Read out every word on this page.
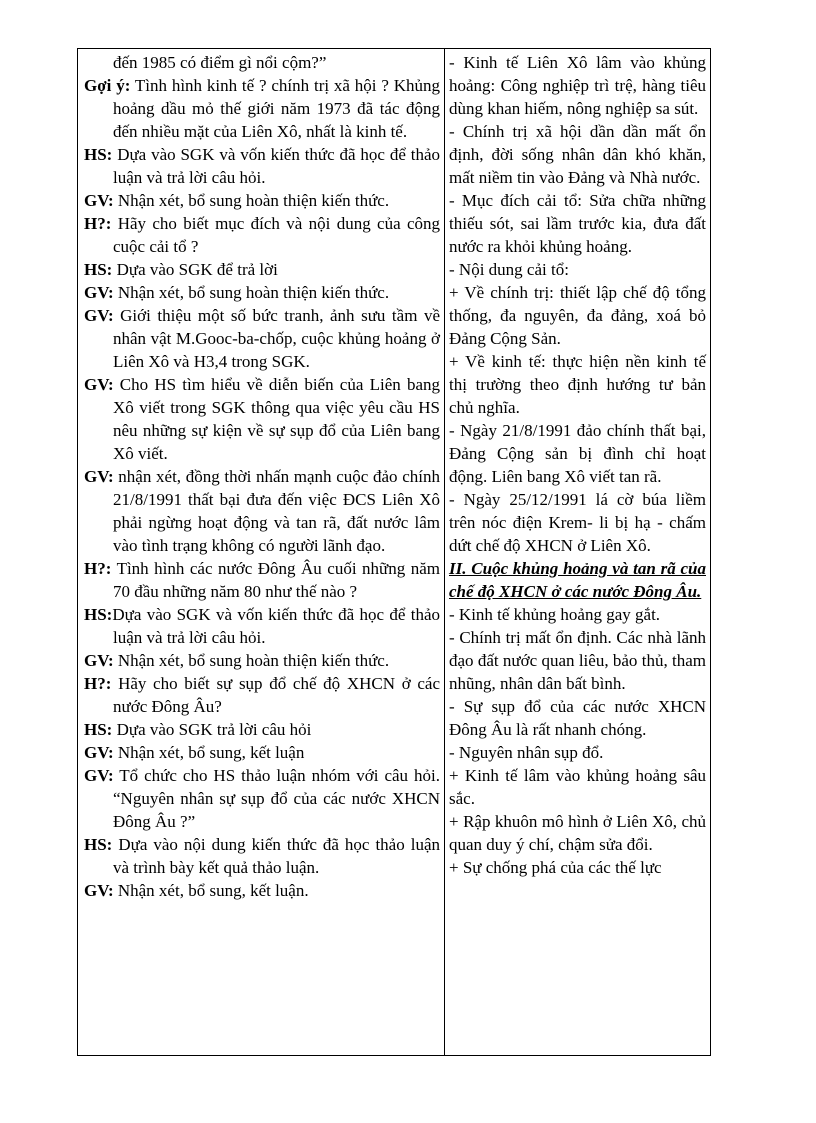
đến 1985 có điểm gì nổi cộm?”

Gợi ý: Tình hình kinh tế ? chính trị xã hội ? Khủng hoảng dầu mỏ thế giới năm 1973 đã tác động đến nhiều mặt của Liên Xô, nhất là kinh tế.

HS: Dựa vào SGK và vốn kiến thức đã học để thảo luận và trả lời câu hỏi.

GV: Nhận xét, bổ sung hoàn thiện kiến thức.

H?: Hãy cho biết mục đích và nội dung của công cuộc cải tổ ?

HS: Dựa vào SGK để trả lời

GV: Nhận xét, bổ sung hoàn thiện kiến thức.

GV: Giới thiệu một số bức tranh, ảnh sưu tầm về nhân vật M.Gooc-ba-chốp, cuộc khủng hoảng ở Liên Xô và H3,4 trong SGK.

GV: Cho HS tìm hiểu về diễn biến của Liên bang Xô viết trong SGK thông qua việc yêu cầu HS nêu những sự kiện về sự sụp đổ của Liên bang Xô viết.

GV: nhận xét, đồng thời nhấn mạnh cuộc đảo chính 21/8/1991 thất bại đưa đến việc ĐCS Liên Xô phải ngừng hoạt động và tan rã, đất nước lâm vào tình trạng không có người lãnh đạo.

H?: Tình hình các nước Đông Âu cuối những năm 70 đầu những năm 80 như thế nào ?

HS:Dựa vào SGK và vốn kiến thức đã học để thảo luận và trả lời câu hỏi.

GV: Nhận xét, bổ sung hoàn thiện kiến thức.

H?: Hãy cho biết sự sụp đổ chế độ XHCN ở các nước Đông Âu?

HS: Dựa vào SGK trả lời câu hỏi

GV: Nhận xét, bổ sung, kết luận

GV: Tổ chức cho HS thảo luận nhóm với câu hỏi. “Nguyên nhân sự sụp đổ của các nước XHCN Đông Âu ?”

HS: Dựa vào nội dung kiến thức đã học thảo luận và trình bày kết quả thảo luận.

GV: Nhận xét, bổ sung, kết luận.

- Kinh tế Liên Xô lâm vào khủng hoảng: Công nghiệp trì trệ, hàng tiêu dùng khan hiếm, nông nghiệp sa sút.

- Chính trị xã hội dần dần mất ổn định, đời sống nhân dân khó khăn, mất niềm tin vào Đảng và Nhà nước.

- Mục đích cải tổ: Sửa chữa những thiếu sót, sai lầm trước kia, đưa đất nước ra khỏi khủng hoảng.

- Nội dung cải tổ:

+ Về chính trị: thiết lập chế độ tổng thống, đa nguyên, đa đảng, xoá bỏ Đảng Cộng Sản.

+ Về kinh tế: thực hiện nền kinh tế thị trường theo định hướng tư bản chủ nghĩa.

- Ngày 21/8/1991 đảo chính thất bại, Đảng Cộng sản bị đình chỉ hoạt động. Liên bang Xô viết tan rã.

- Ngày 25/12/1991 lá cờ búa liềm trên nóc điện Krem- li bị hạ - chấm dứt chế độ XHCN ở Liên Xô.

II. Cuộc khủng hoảng và tan rã của chế độ XHCN ở các nước Đông Âu.

- Kinh tế khủng hoảng gay gắt.

- Chính trị mất ổn định. Các nhà lãnh đạo đất nước quan liêu, bảo thủ, tham nhũng, nhân dân bất bình.

- Sự sụp đổ của các nước XHCN Đông Âu là rất nhanh chóng.

- Nguyên nhân sụp đổ.

+ Kinh tế lâm vào khủng hoảng sâu sắc.

+ Rập khuôn mô hình ở Liên Xô, chủ quan duy ý chí, chậm sửa đổi.

+ Sự chống phá của các thế lực
